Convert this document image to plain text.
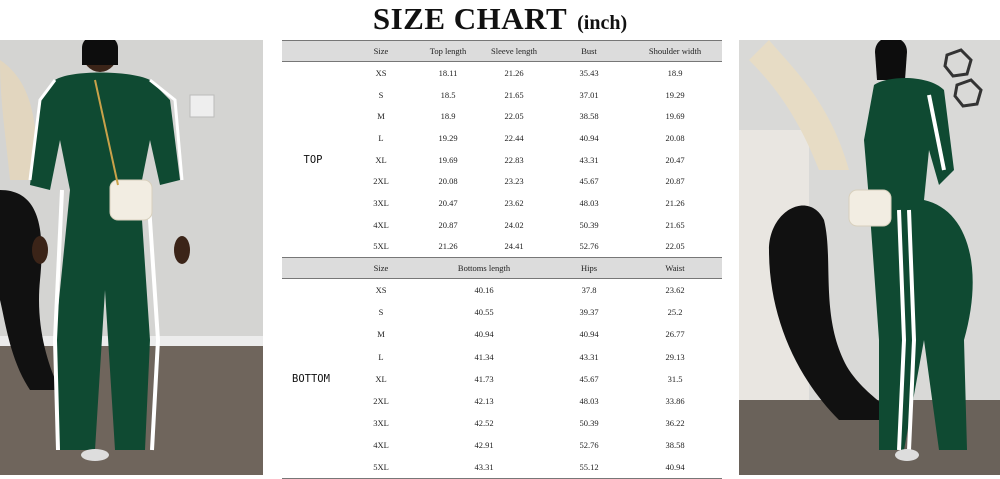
SIZE CHART (inch)
	Size	Top length	Sleeve length	Bust	Shoulder width
TOP	XS	18.11	21.26	35.43	18.9
	S	18.5	21.65	37.01	19.29
	M	18.9	22.05	38.58	19.69
	L	19.29	22.44	40.94	20.08
	XL	19.69	22.83	43.31	20.47
	2XL	20.08	23.23	45.67	20.87
	3XL	20.47	23.62	48.03	21.26
	4XL	20.87	24.02	50.39	21.65
	5XL	21.26	24.41	52.76	22.05
	Size	Bottoms length	Hips	Waist
BOTTOM	XS	40.16	37.8	23.62
	S	40.55	39.37	25.2
	M	40.94	40.94	26.77
	L	41.34	43.31	29.13
	XL	41.73	45.67	31.5
	2XL	42.13	48.03	33.86
	3XL	42.52	50.39	36.22
	4XL	42.91	52.76	38.58
	5XL	43.31	55.12	40.94
